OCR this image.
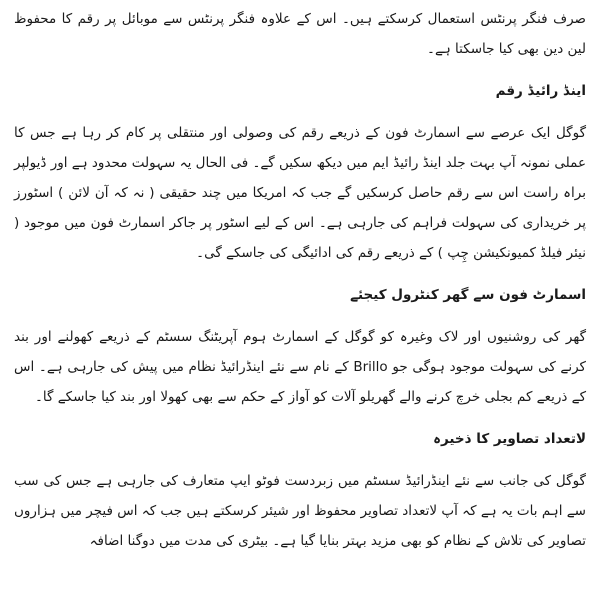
صرف فنگر پرنٹس استعمال کرسکتے ہیں۔ اس کے علاوہ فنگر پرنٹس سے موبائل پر رقم کا محفوظ لین دین بھی کیا جاسکتا ہے۔

اینڈ رائیڈ رقم

گوگل ایک عرصے سے اسمارٹ فون کے ذریعے رقم کی وصولی اور منتقلی پر کام کر رہا ہے جس کا عملی نمونہ آپ بہت جلد اینڈ رائیڈ ایم میں دیکھ سکیں گے۔ فی الحال یہ سہولت محدود ہے اور ڈیولپر براہ راست اس سے رقم حاصل کرسکیں گے جب کہ امریکا میں چند حقیقی ( نہ کہ آن لائن ) اسٹورز پر خریداری کی سہولت فراہم کی جارہی ہے۔ اس کے لیے اسٹور پر جاکر اسمارٹ فون میں موجود ( نیئر فیلڈ کمیونکیشن چِپ ) کے ذریعے رقم کی ادائیگی کی جاسکے گی۔

اسمارٹ فون سے گھر کنٹرول کیجئے

گھر کی روشنیوں اور لاک وغیرہ کو گوگل کے اسمارٹ ہوم آپریٹنگ سسٹم کے ذریعے کھولنے اور بند کرنے کی سہولت موجود ہوگی جو Brillo کے نام سے نئے اینڈرائیڈ نظام میں پیش کی جارہی ہے۔ اس کے ذریعے کم بجلی خرچ کرنے والے گھریلو آلات کو آواز کے حکم سے بھی کھولا اور بند کیا جاسکے گا۔

لاتعداد تصاویر کا ذخیرہ

گوگل کی جانب سے نئے اینڈرائیڈ سسٹم میں زبردست فوٹو ایپ متعارف کی جارہی ہے جس کی سب سے اہم بات یہ ہے کہ آپ لاتعداد تصاویر محفوظ اور شیئر کرسکتے ہیں جب کہ اس فیچر میں ہزاروں تصاویر کی تلاش کے نظام کو بھی مزید بہتر بنایا گیا ہے۔ بیٹری کی مدت میں دوگنا اضافہ
